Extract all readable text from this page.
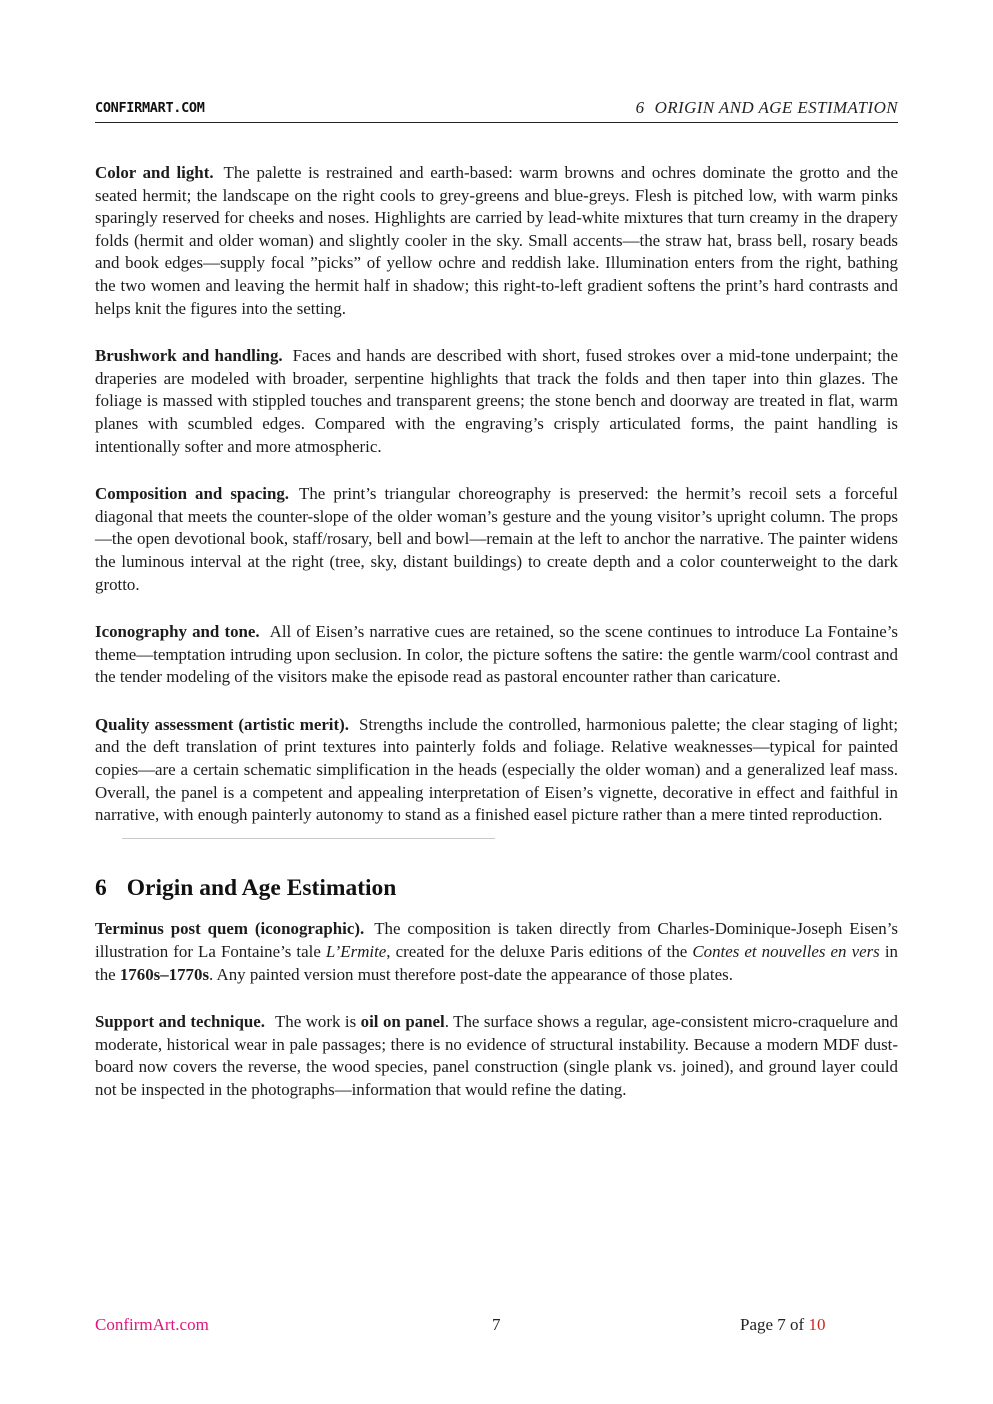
CONFIRMART.COM	6 ORIGIN AND AGE ESTIMATION

Color and light. The palette is restrained and earth-based: warm browns and ochres dominate the grotto and the seated hermit; the landscape on the right cools to grey-greens and blue-greys. Flesh is pitched low, with warm pinks sparingly reserved for cheeks and noses. Highlights are carried by lead-white mixtures that turn creamy in the drapery folds (hermit and older woman) and slightly cooler in the sky. Small accents—the straw hat, brass bell, rosary beads and book edges—supply focal ”picks” of yellow ochre and reddish lake. Illumination enters from the right, bathing the two women and leaving the hermit half in shadow; this right-to-left gradient softens the print’s hard contrasts and helps knit the figures into the setting.

Brushwork and handling. Faces and hands are described with short, fused strokes over a mid-tone underpaint; the draperies are modeled with broader, serpentine highlights that track the folds and then taper into thin glazes. The foliage is massed with stippled touches and transparent greens; the stone bench and doorway are treated in flat, warm planes with scumbled edges. Compared with the engraving’s crisply articulated forms, the paint handling is intentionally softer and more atmospheric.

Composition and spacing. The print’s triangular choreography is preserved: the hermit’s recoil sets a forceful diagonal that meets the counter-slope of the older woman’s gesture and the young visitor’s upright column. The props—the open devotional book, staff/rosary, bell and bowl—remain at the left to anchor the narrative. The painter widens the luminous interval at the right (tree, sky, distant buildings) to create depth and a color counterweight to the dark grotto.

Iconography and tone. All of Eisen’s narrative cues are retained, so the scene continues to introduce La Fontaine’s theme—temptation intruding upon seclusion. In color, the picture softens the satire: the gentle warm/cool contrast and the tender modeling of the visitors make the episode read as pastoral encounter rather than caricature.

Quality assessment (artistic merit). Strengths include the controlled, harmonious palette; the clear staging of light; and the deft translation of print textures into painterly folds and foliage. Relative weaknesses—typical for painted copies—are a certain schematic simplification in the heads (especially the older woman) and a generalized leaf mass. Overall, the panel is a competent and appealing interpretation of Eisen’s vignette, decorative in effect and faithful in narrative, with enough painterly autonomy to stand as a finished easel picture rather than a mere tinted reproduction.

6 Origin and Age Estimation

Terminus post quem (iconographic). The composition is taken directly from Charles-Dominique-Joseph Eisen’s illustration for La Fontaine’s tale L’Ermite, created for the deluxe Paris editions of the Contes et nouvelles en vers in the 1760s–1770s. Any painted version must therefore post-date the appearance of those plates.

Support and technique. The work is oil on panel. The surface shows a regular, age-consistent micro-craquelure and moderate, historical wear in pale passages; there is no evidence of structural instability. Because a modern MDF dust-board now covers the reverse, the wood species, panel construction (single plank vs. joined), and ground layer could not be inspected in the photographs—information that would refine the dating.

ConfirmArt.com	7	Page 7 of 10
